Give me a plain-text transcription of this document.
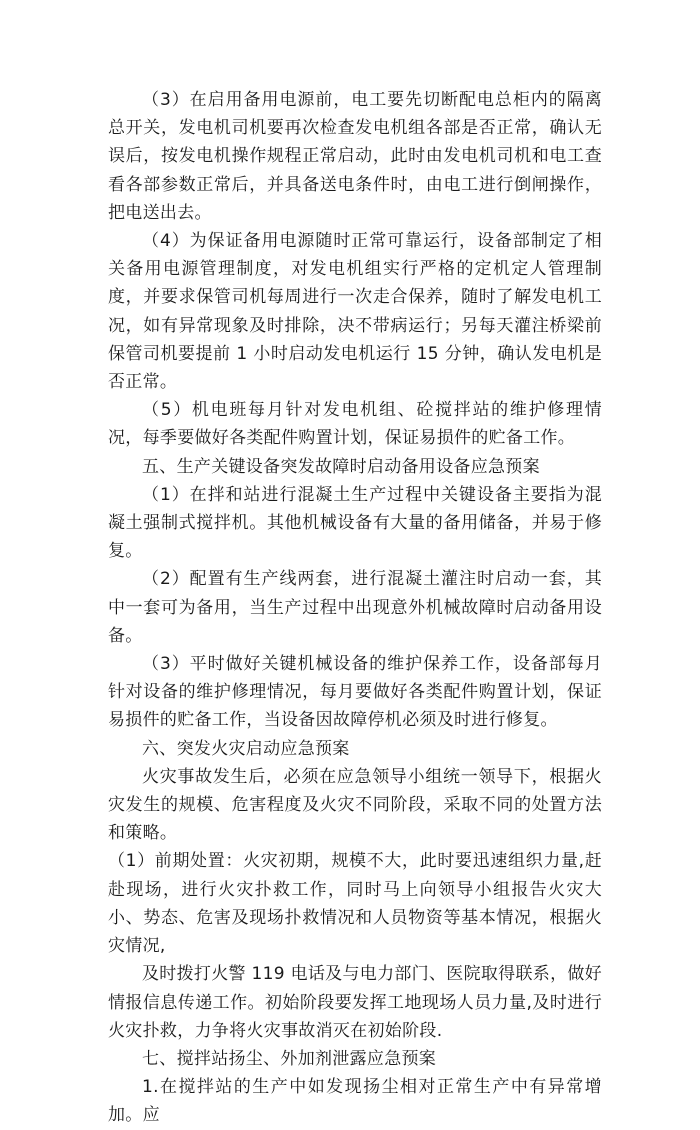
（3）在启用备用电源前，电工要先切断配电总柜内的隔离总开关，发电机司机要再次检查发电机组各部是否正常，确认无误后，按发电机操作规程正常启动，此时由发电机司机和电工查看各部参数正常后，并具备送电条件时，由电工进行倒闸操作，把电送出去。

（4）为保证备用电源随时正常可靠运行，设备部制定了相关备用电源管理制度，对发电机组实行严格的定机定人管理制度，并要求保管司机每周进行一次走合保养，随时了解发电机工况，如有异常现象及时排除，决不带病运行；另每天灌注桥梁前保管司机要提前 1 小时启动发电机运行 15 分钟，确认发电机是否正常。

（5）机电班每月针对发电机组、砼搅拌站的维护修理情况，每季要做好各类配件购置计划，保证易损件的贮备工作。

五、生产关键设备突发故障时启动备用设备应急预案

（1）在拌和站进行混凝土生产过程中关键设备主要指为混凝土强制式搅拌机。其他机械设备有大量的备用储备，并易于修复。

（2）配置有生产线两套，进行混凝土灌注时启动一套，其中一套可为备用，当生产过程中出现意外机械故障时启动备用设备。

（3）平时做好关键机械设备的维护保养工作，设备部每月针对设备的维护修理情况，每月要做好各类配件购置计划，保证易损件的贮备工作，当设备因故障停机必须及时进行修复。

六、突发火灾启动应急预案

火灾事故发生后，必须在应急领导小组统一领导下，根据火灾发生的规模、危害程度及火灾不同阶段，采取不同的处置方法和策略。

（1）前期处置：火灾初期，规模不大，此时要迅速组织力量,赶赴现场，进行火灾扑救工作，同时马上向领导小组报告火灾大小、势态、危害及现场扑救情况和人员物资等基本情况，根据火灾情况,

及时拨打火警 119 电话及与电力部门、医院取得联系，做好情报信息传递工作。初始阶段要发挥工地现场人员力量,及时进行火灾扑救，力争将火灾事故消灭在初始阶段.

七、搅拌站扬尘、外加剂泄露应急预案

1.在搅拌站的生产中如发现扬尘相对正常生产中有异常增加。应
